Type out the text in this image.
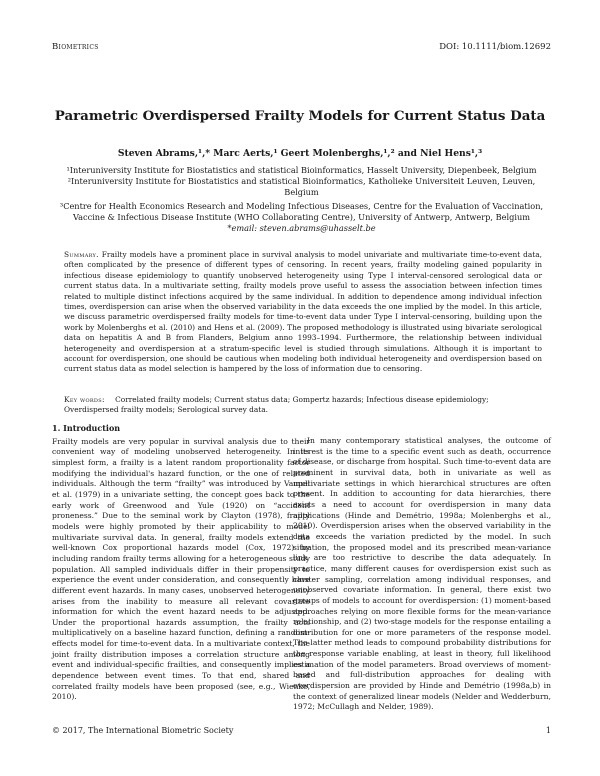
Biometrics	DOI: 10.1111/biom.12692
Parametric Overdispersed Frailty Models for Current Status Data
Steven Abrams,¹,* Marc Aerts,¹ Geert Molenberghs,¹,² and Niel Hens¹,³
¹Interuniversity Institute for Biostatistics and statistical Bioinformatics, Hasselt University, Diepenbeek, Belgium
²Interuniversity Institute for Biostatistics and statistical Bioinformatics, Katholieke Universiteit Leuven, Leuven, Belgium
³Centre for Health Economics Research and Modeling Infectious Diseases, Centre for the Evaluation of Vaccination, Vaccine & Infectious Disease Institute (WHO Collaborating Centre), University of Antwerp, Antwerp, Belgium
*email: steven.abrams@uhasselt.be
Summary. Frailty models have a prominent place in survival analysis to model univariate and multivariate time-to-event data, often complicated by the presence of different types of censoring. In recent years, frailty modeling gained popularity in infectious disease epidemiology to quantify unobserved heterogeneity using Type I interval-censored serological data or current status data. In a multivariate setting, frailty models prove useful to assess the association between infection times related to multiple distinct infections acquired by the same individual. In addition to dependence among individual infection times, overdispersion can arise when the observed variability in the data exceeds the one implied by the model. In this article, we discuss parametric overdispersed frailty models for time-to-event data under Type I interval-censoring, building upon the work by Molenberghs et al. (2010) and Hens et al. (2009). The proposed methodology is illustrated using bivariate serological data on hepatitis A and B from Flanders, Belgium anno 1993–1994. Furthermore, the relationship between individual heterogeneity and overdispersion at a stratum-specific level is studied through simulations. Although it is important to account for overdispersion, one should be cautious when modeling both individual heterogeneity and overdispersion based on current status data as model selection is hampered by the loss of information due to censoring.
Key words: Correlated frailty models; Current status data; Gompertz hazards; Infectious disease epidemiology; Overdispersed frailty models; Serological survey data.
1. Introduction

Frailty models are very popular in survival analysis due to their convenient way of modeling unobserved heterogeneity. In its simplest form, a frailty is a latent random proportionality factor modifying the individual's hazard function, or the one of related individuals. Although the term “frailty” was introduced by Vaupel et al. (1979) in a univariate setting, the concept goes back to the early work of Greenwood and Yule (1920) on “accident proneness.” Due to the seminal work by Clayton (1978), frailty models were highly promoted by their applicability to model multivariate survival data. In general, frailty models extend the well-known Cox proportional hazards model (Cox, 1972) by including random frailty terms allowing for a heterogeneous study population. All sampled individuals differ in their propensity to experience the event under consideration, and consequently have different event hazards. In many cases, unobserved heterogeneity arises from the inability to measure all relevant covariate information for which the event hazard needs to be adjusted. Under the proportional hazards assumption, the frailty acts multiplicatively on a baseline hazard function, defining a random-effects model for time-to-event data. In a multivariate context, the joint frailty distribution imposes a correlation structure among event and individual-specific frailties, and consequently implies a dependence between event times. To that end, shared and correlated frailty models have been proposed (see, e.g., Wienke, 2010).

In many contemporary statistical analyses, the outcome of interest is the time to a specific event such as death, occurrence of disease, or discharge from hospital. Such time-to-event data are prominent in survival data, both in univariate as well as multivariate settings in which hierarchical structures are often present. In addition to accounting for data hierarchies, there exists a need to account for overdispersion in many data applications (Hinde and Demétrio, 1998a; Molenberghs et al., 2010). Overdispersion arises when the observed variability in the data exceeds the variation predicted by the model. In such situation, the proposed model and its prescribed mean-variance link are too restrictive to describe the data adequately. In practice, many different causes for overdispersion exist such as cluster sampling, correlation among individual responses, and unobserved covariate information. In general, there exist two groups of models to account for overdispersion: (1) moment-based approaches relying on more flexible forms for the mean-variance relationship, and (2) two-stage models for the response entailing a distribution for one or more parameters of the response model. The latter method leads to compound probability distributions for the response variable enabling, at least in theory, full likelihood estimation of the model parameters. Broad overviews of moment-based and full-distribution approaches for dealing with overdispersion are provided by Hinde and Demétrio (1998a,b) in the context of generalized linear models (Nelder and Wedderburn, 1972; McCullagh and Nelder, 1989).

© 2017, The International Biometric Society	1
